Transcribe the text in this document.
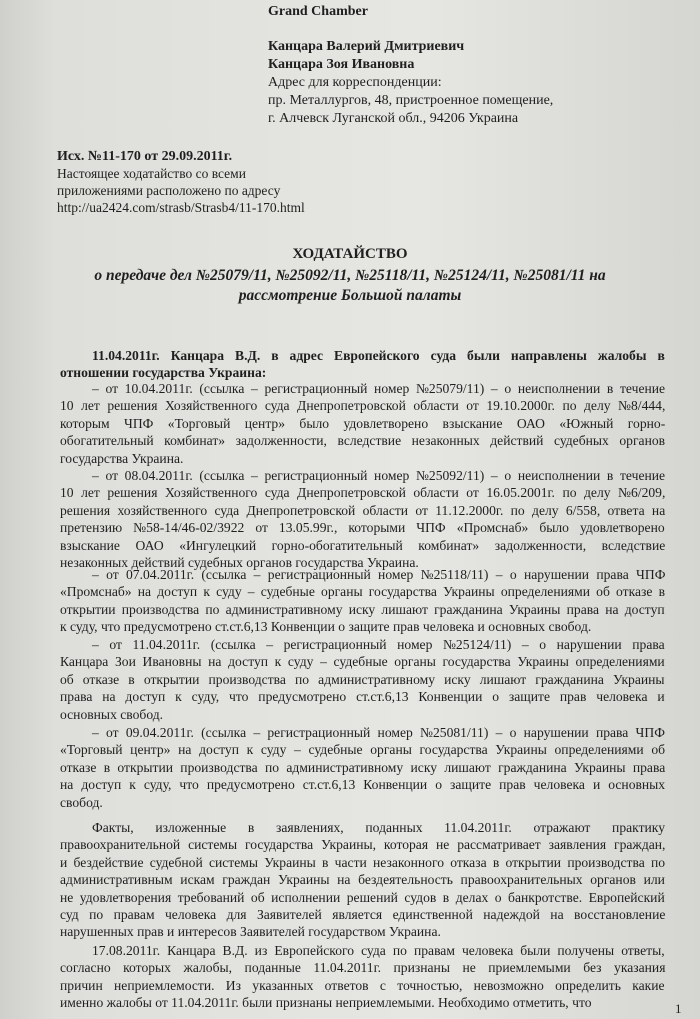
Grand Chamber
Канцара Валерий Дмитриевич
Канцара Зоя Ивановна
Адрес для корреспонденции:
пр. Металлургов, 48, пристроенное помещение,
г. Алчевск Луганской обл., 94206 Украина
Исх. №11-170 от 29.09.2011г.
Настоящее ходатайство со всеми
приложениями расположено по адресу
http://ua2424.com/strasb/Strasb4/11-170.html
ХОДАТАЙСТВО
о передаче дел №25079/11, №25092/11, №25118/11, №25124/11, №25081/11 на
рассмотрение Большой палаты
11.04.2011г. Канцара В.Д. в адрес Европейского суда были направлены жалобы в
отношении государства Украина:
– от 10.04.2011г. (ссылка – регистрационный номер №25079/11) – о неисполнении в течение
10 лет решения Хозяйственного суда Днепропетровской области от 19.10.2000г. по делу №8/444,
которым ЧПФ «Торговый центр» было удовлетворено взыскание ОАО «Южный горно-
обогатительный комбинат» задолженности, вследствие незаконных действий судебных органов
государства Украина.
– от 08.04.2011г. (ссылка – регистрационный номер №25092/11) – о неисполнении в течение
10 лет решения Хозяйственного суда Днепропетровской области от 16.05.2001г. по делу №6/209,
решения хозяйственного суда Днепропетровской области от 11.12.2000г. по делу 6/558, ответа на
претензию №58-14/46-02/3922 от 13.05.99г., которыми ЧПФ «Промснаб» было удовлетворено
взыскание ОАО «Ингулецкий горно-обогатительный комбинат» задолженности, вследствие
незаконных действий судебных органов государства Украина.
– от 07.04.2011г. (ссылка – регистрационный номер №25118/11) – о нарушении права ЧПФ
«Промснаб» на доступ к суду – судебные органы государства Украины определениями об отказе в
открытии производства по административному иску лишают гражданина Украины права на доступ
к суду, что предусмотрено ст.ст.6,13 Конвенции о защите прав человека и основных свобод.
– от 11.04.2011г. (ссылка – регистрационный номер №25124/11) – о нарушении права
Канцара Зои Ивановны на доступ к суду – судебные органы государства Украины определениями
об отказе в открытии производства по административному иску лишают гражданина Украины
права на доступ к суду, что предусмотрено ст.ст.6,13 Конвенции о защите прав человека и
основных свобод.
– от 09.04.2011г. (ссылка – регистрационный номер №25081/11) – о нарушении права ЧПФ
«Торговый центр» на доступ к суду – судебные органы государства Украины определениями об
отказе в открытии производства по административному иску лишают гражданина Украины права
на доступ к суду, что предусмотрено ст.ст.6,13 Конвенции о защите прав человека и основных
свобод.
Факты, изложенные в заявлениях, поданных 11.04.2011г. отражают практику
правоохранительной системы государства Украины, которая не рассматривает заявления граждан,
и бездействие судебной системы Украины в части незаконного отказа в открытии производства по
административным искам граждан Украины на бездеятельность правоохранительных органов или
не удовлетворения требований об исполнении решений судов в делах о банкротстве. Европейский
суд по правам человека для Заявителей является единственной надеждой на восстановление
нарушенных прав и интересов Заявителей государством Украина.
17.08.2011г. Канцара В.Д. из Европейского суда по правам человека были получены ответы,
согласно которых жалобы, поданные 11.04.2011г. признаны не приемлемыми без указания
причин неприемлемости. Из указанных ответов с точностью, невозможно определить какие
именно жалобы от 11.04.2011г. были признаны неприемлемыми. Необходимо отметить, что	1
